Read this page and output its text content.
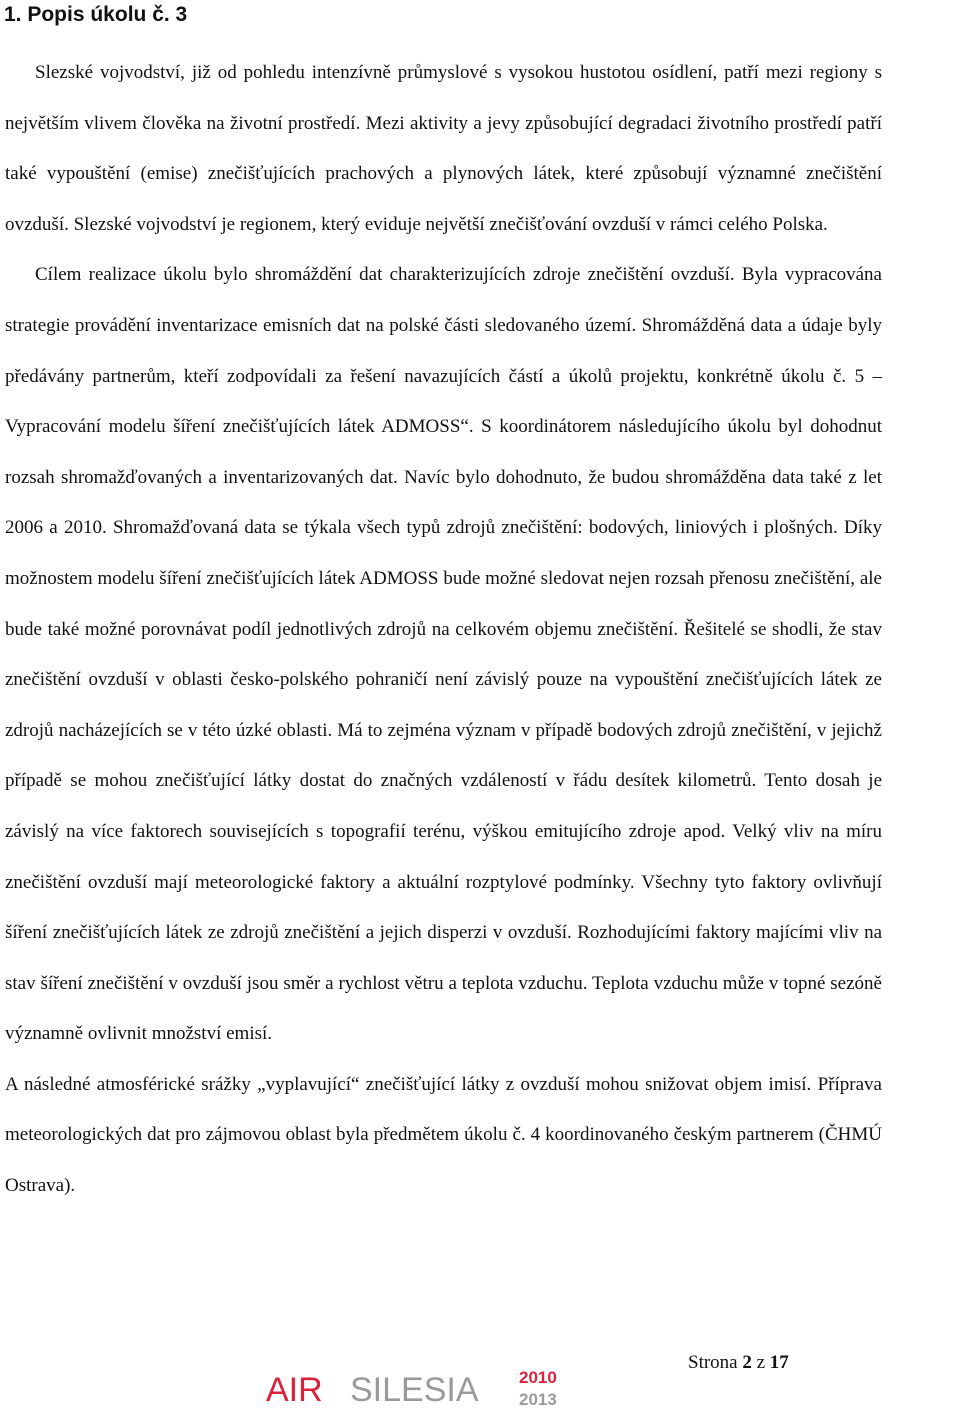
1. Popis úkolu č. 3

Slezské vojvodství, již od pohledu intenzívně průmyslové s vysokou hustotou osídlení, patří mezi regiony s největším vlivem člověka na životní prostředí. Mezi aktivity a jevy způsobující degradaci životního prostředí patří také vypouštění (emise) znečišťujících prachových a plynových látek, které způsobují významné znečištění ovzduší. Slezské vojvodství je regionem, který eviduje největší znečišťování ovzduší v rámci celého Polska.

Cílem realizace úkolu bylo shromáždění dat charakterizujících zdroje znečištění ovzduší. Byla vypracována strategie provádění inventarizace emisních dat na polské části sledovaného území. Shromážděná data a údaje byly předávány partnerům, kteří zodpovídali za řešení navazujících částí a úkolů projektu, konkrétně úkolu č. 5 – Vypracování modelu šíření znečišťujících látek ADMOSS“. S koordinátorem následujícího úkolu byl dohodnut rozsah shromažďovaných a inventarizovaných dat. Navíc bylo dohodnuto, že budou shromážděna data také z let 2006 a 2010. Shromažďovaná data se týkala všech typů zdrojů znečištění: bodových, liniových i plošných. Díky možnostem modelu šíření znečišťujících látek ADMOSS bude možné sledovat nejen rozsah přenosu znečištění, ale bude také možné porovnávat podíl jednotlivých zdrojů na celkovém objemu znečištění. Řešitelé se shodli, že stav znečištění ovzduší v oblasti česko-polského pohraničí není závislý pouze na vypouštění znečišťujících látek ze zdrojů nacházejících se v této úzké oblasti. Má to zejména význam v případě bodových zdrojů znečištění, v jejichž případě se mohou znečišťující látky dostat do značných vzdáleností v řádu desítek kilometrů. Tento dosah je závislý na více faktorech souvisejících s topografií terénu, výškou emitujícího zdroje apod. Velký vliv na míru znečištění ovzduší mají meteorologické faktory a aktuální rozptylové podmínky. Všechny tyto faktory ovlivňují šíření znečišťujících látek ze zdrojů znečištění a jejich disperzi v ovzduší. Rozhodujícími faktory majícími vliv na stav šíření znečištění v ovzduší jsou směr a rychlost větru a teplota vzduchu. Teplota vzduchu může v topné sezóně významně ovlivnit množství emisí.

A následné atmosférické srážky „vyplavující“ znečišťující látky z ovzduší mohou snižovat objem imisí. Příprava meteorologických dat pro zájmovou oblast byla předmětem úkolu č. 4 koordinovaného českým partnerem (ČHMÚ Ostrava).

AIR SILESIA 2010
2013
Strona 2 z 17
